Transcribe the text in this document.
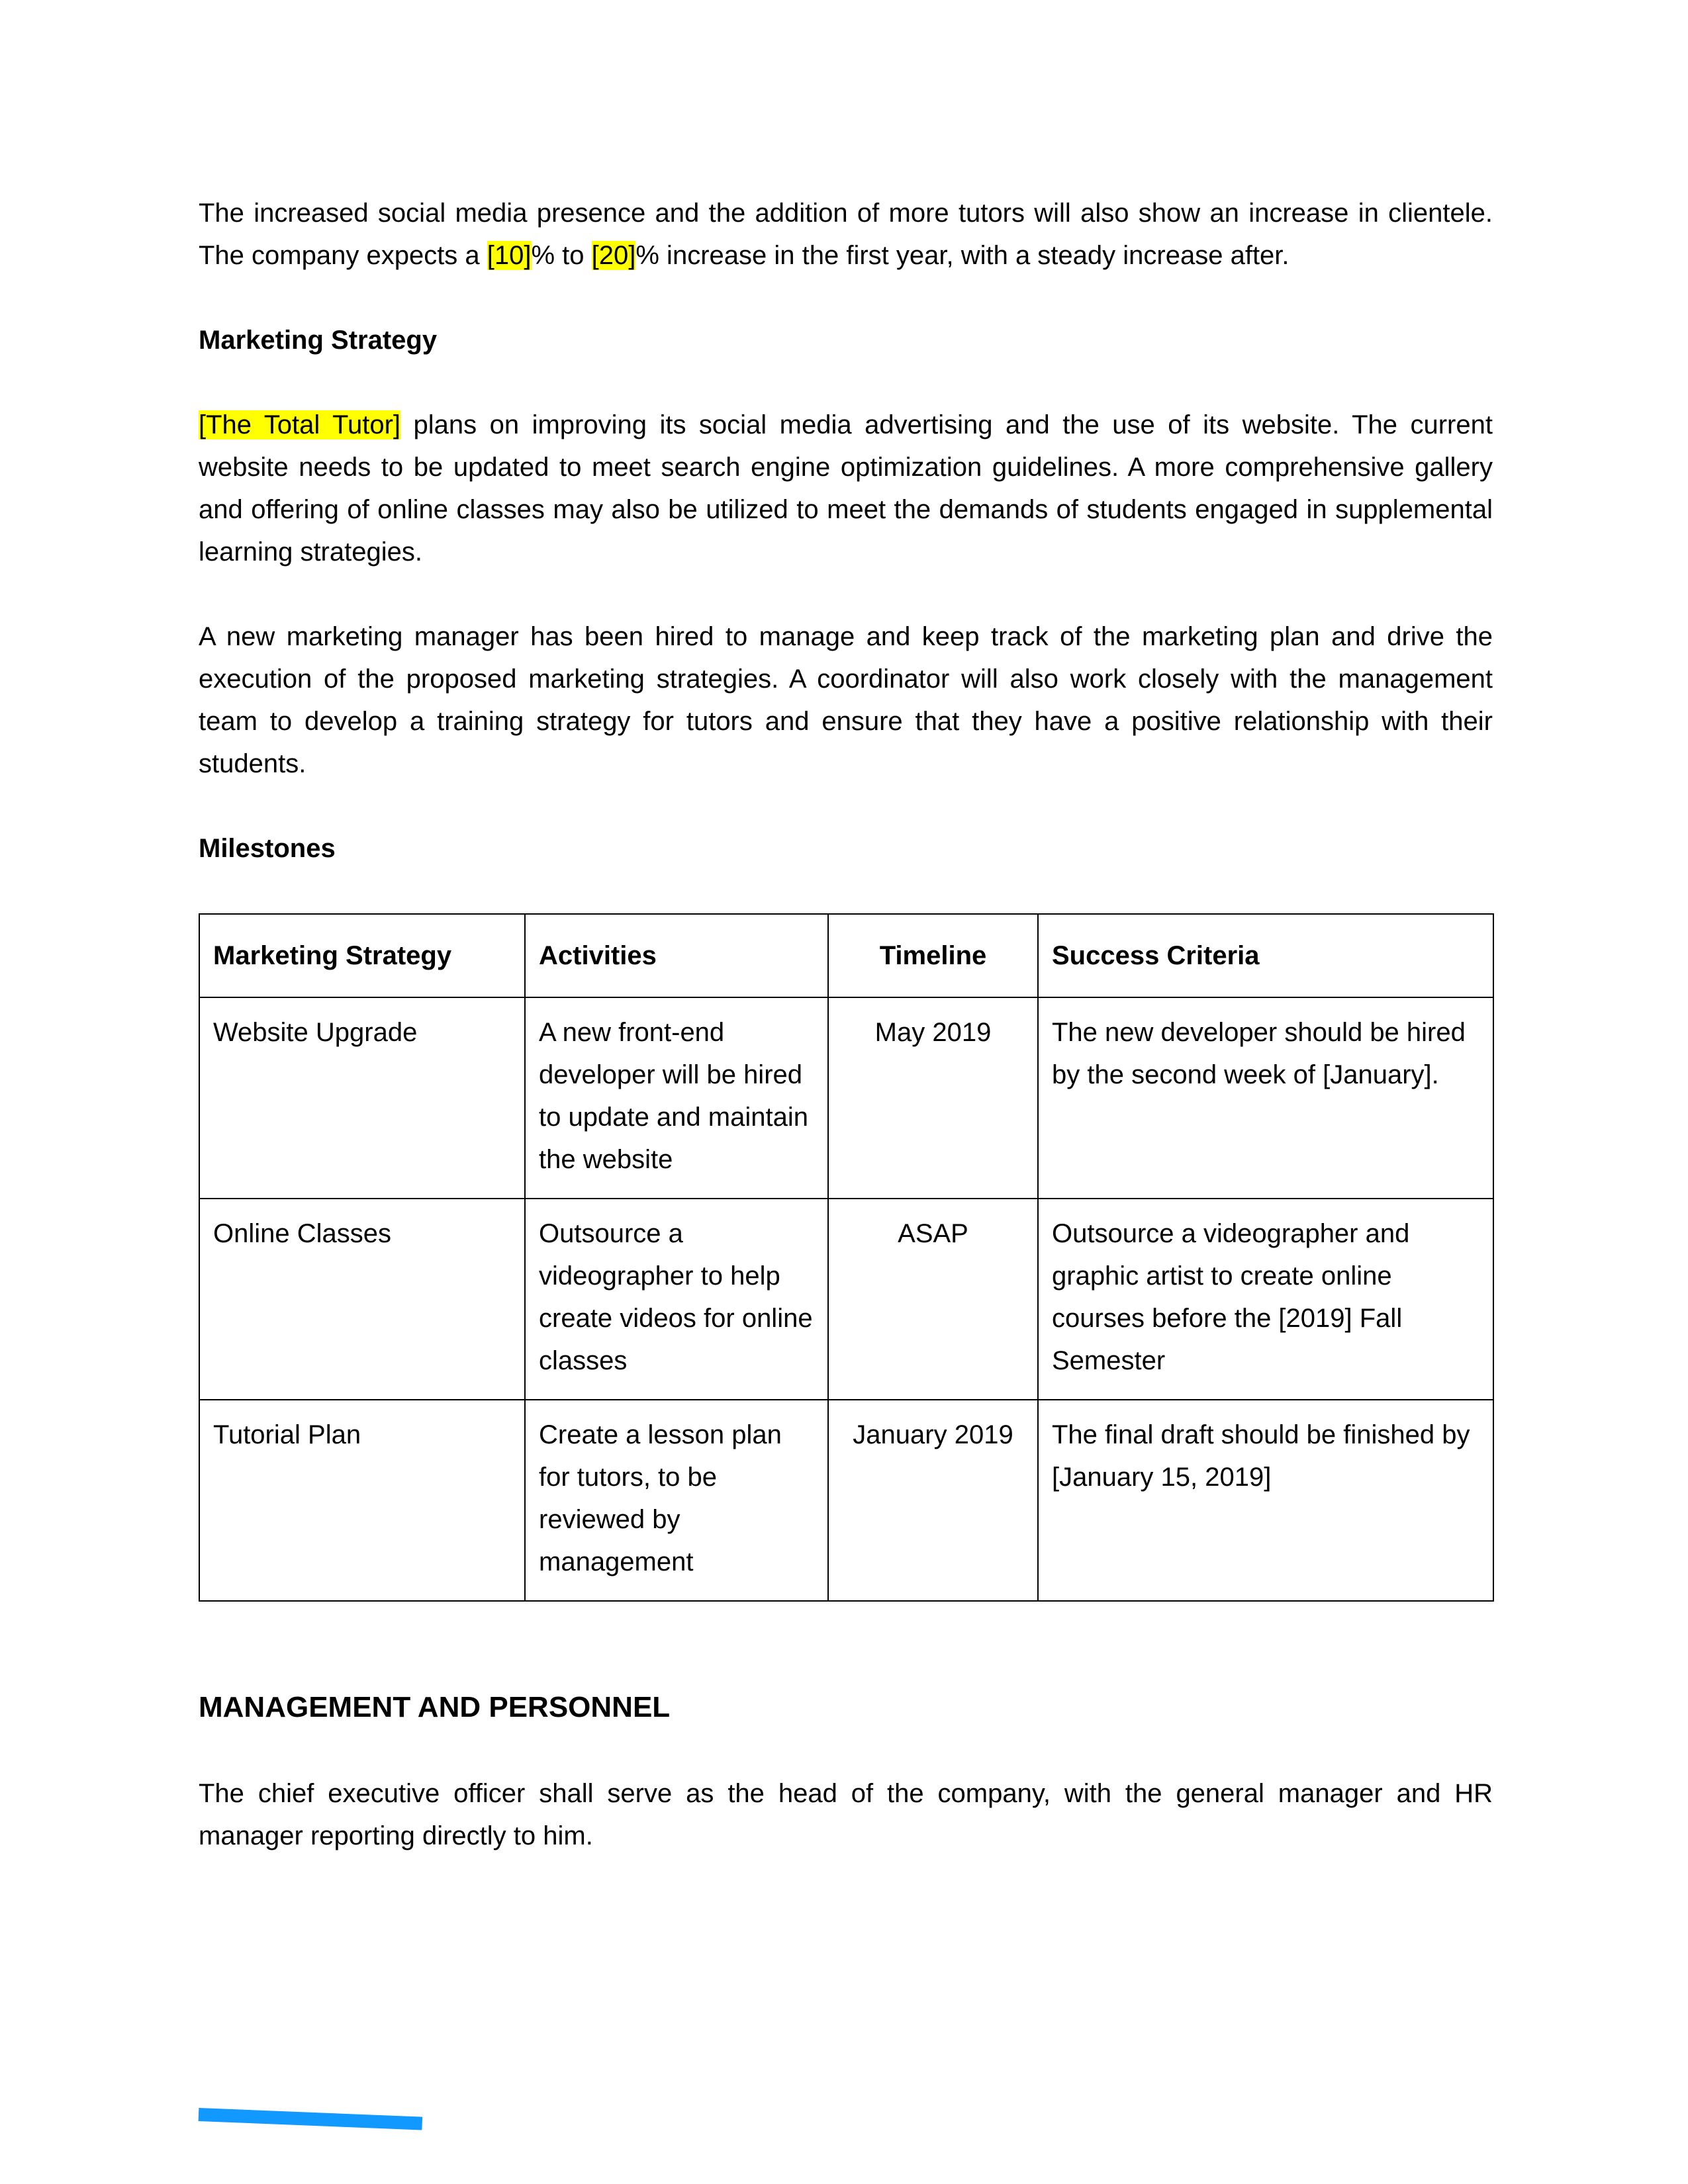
The increased social media presence and the addition of more tutors will also show an increase in clientele. The company expects a [10]% to [20]% increase in the first year, with a steady increase after.

Marketing Strategy

[The Total Tutor] plans on improving its social media advertising and the use of its website. The current website needs to be updated to meet search engine optimization guidelines. A more comprehensive gallery and offering of online classes may also be utilized to meet the demands of students engaged in supplemental learning strategies.

A new marketing manager has been hired to manage and keep track of the marketing plan and drive the execution of the proposed marketing strategies. A coordinator will also work closely with the management team to develop a training strategy for tutors and ensure that they have a positive relationship with their students.

Milestones
Marketing Strategy	Activities	Timeline	Success Criteria
Website Upgrade	A new front-end developer will be hired to update and maintain the website	May 2019	The new developer should be hired by the second week of [January].
Online Classes	Outsource a videographer to help create videos for online classes	ASAP	Outsource a videographer and graphic artist to create online courses before the [2019] Fall Semester
Tutorial Plan	Create a lesson plan for tutors, to be reviewed by management	January 2019	The final draft should be finished by [January 15, 2019]
MANAGEMENT AND PERSONNEL

The chief executive officer shall serve as the head of the company, with the general manager and HR manager reporting directly to him.
